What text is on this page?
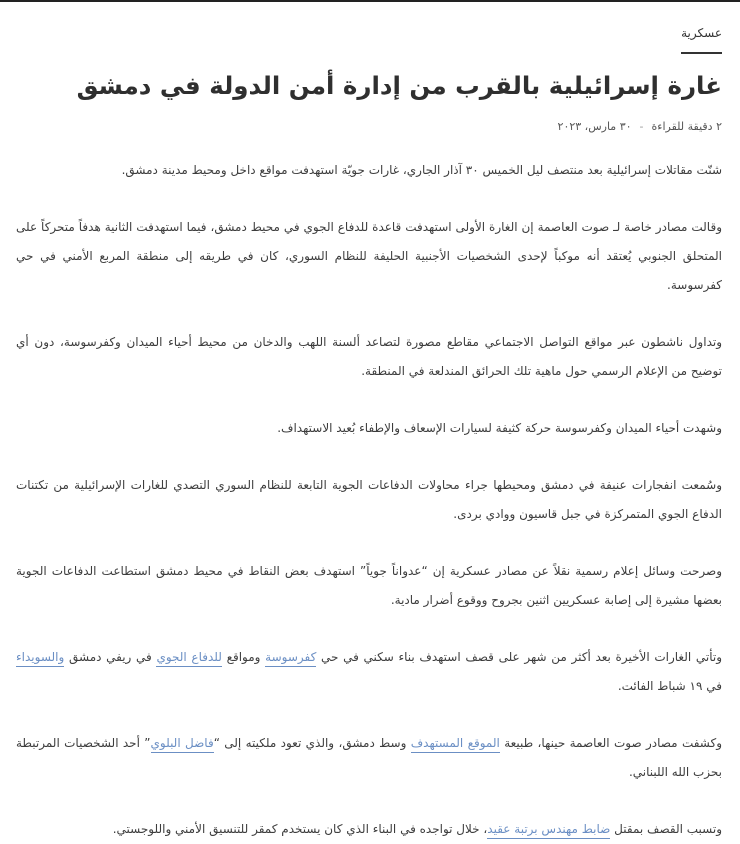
عسكرية
غارة إسرائيلية بالقرب من إدارة أمن الدولة في دمشق
٢ دقيقة للقراءة
-
٣٠ مارس، ٢٠٢٣

شنّت مقاتلات إسرائيلية بعد منتصف ليل الخميس ٣٠ آذار الجاري، غارات جويّة استهدفت مواقع داخل ومحيط مدينة دمشق.

وقالت مصادر خاصة لـ صوت العاصمة إن الغارة الأولى استهدفت قاعدة للدفاع الجوي في محيط دمشق، فيما استهدفت الثانية هدفاً متحركاً على المتحلق الجنوبي يُعتقد أنه موكباً لإحدى الشخصيات الأجنبية الحليفة للنظام السوري، كان في طريقه إلى منطقة المربع الأمني في حي كفرسوسة.

وتداول ناشطون عبر مواقع التواصل الاجتماعي مقاطع مصورة لتصاعد ألسنة اللهب والدخان من محيط أحياء الميدان وكفرسوسة، دون أي توضيح من الإعلام الرسمي حول ماهية تلك الحرائق المندلعة في المنطقة.

وشهدت أحياء الميدان وكفرسوسة حركة كثيفة لسيارات الإسعاف والإطفاء بُعيد الاستهداف.

وسُمعت انفجارات عنيفة في دمشق ومحيطها جراء محاولات الدفاعات الجوية التابعة للنظام السوري التصدي للغارات الإسرائيلية من تكتنات الدفاع الجوي المتمركزة في جبل قاسيون ووادي بردى.

وصرحت وسائل إعلام رسمية نقلاً عن مصادر عسكرية إن “عدواناً جوياً” استهدف بعض النقاط في محيط دمشق استطاعت الدفاعات الجوية بعضها مشيرة إلى إصابة عسكريين اثنين بجروح ووقوع أضرار مادية.

وتأتي الغارات الأخيرة بعد أكثر من شهر على قصف استهدف بناء سكني في حي كفرسوسة ومواقع للدفاع الجوي في ريفي دمشق والسويداء في ١٩ شباط الفائت.

وكشفت مصادر صوت العاصمة حينها، طبيعة الموقع المستهدف وسط دمشق، والذي تعود ملكيته إلى “فاضل البلوي” أحد الشخصيات المرتبطة بحزب الله اللبناني.

وتسبب القصف بمقتل ضابط مهندس برتبة عقيد، خلال تواجده في البناء الذي كان يستخدم كمقر للتنسيق الأمني واللوجستي.
